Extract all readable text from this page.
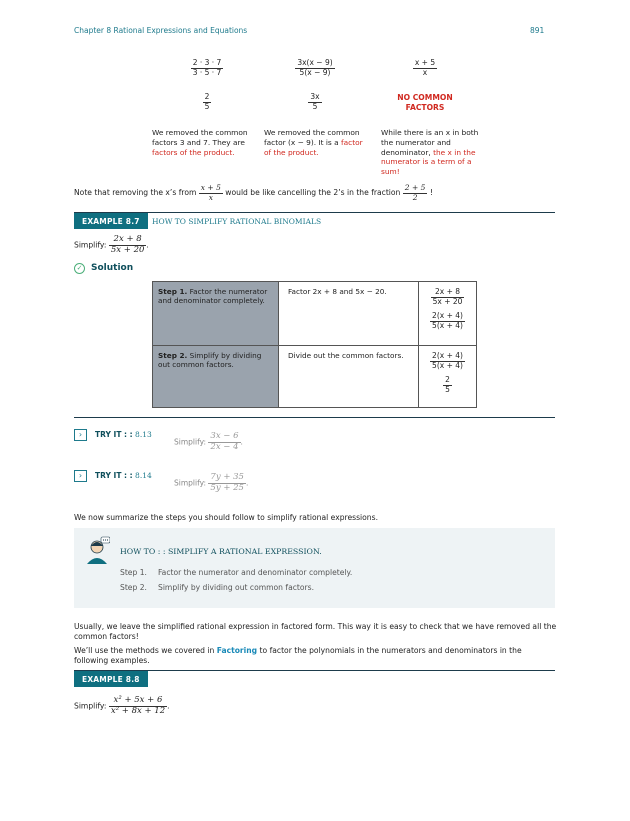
Chapter 8 Rational Expressions and Equations	891
$\frac{2 \cdot 3 \cdot 7}{3 \cdot 5 \cdot 7}$	$\frac{3x(x - 9)}{5(x - 9)}$	$\frac{x + 5}{x}$
$\frac{2}{5}$	$\frac{3x}{5}$	NO COMMON FACTORS
We removed the common factors 3 and 7. They are factors of the product.
We removed the common factor (x − 9). It is a factor of the product.
While there is an x in both the numerator and denominator, the x in the numerator is a term of a sum!
Note that removing the x’s from $\frac{x + 5}{x}$ would be like cancelling the 2’s in the fraction $\frac{2 + 5}{2}$ !
EXAMPLE 8.7	HOW TO SIMPLIFY RATIONAL BINOMIALS
Simplify: $\frac{2x + 8}{5x + 20}$ .
✓ Solution
Step 1. Factor the numerator and denominator completely.	Factor 2x + 8 and 5x − 20.	$\frac{2x + 8}{5x + 20}$

$\frac{2(x + 4)}{5(x + 4)}$

Step 2. Simplify by dividing out common factors.	Divide out the common factors.	$\frac{2(x + 4)}{5(x + 4)}$

$\frac{2}{5}$
› TRY IT : : 8.13
Simplify: $\frac{3x - 6}{2x - 4}$ .
› TRY IT : : 8.14
Simplify: $\frac{7y + 35}{5y + 25}$ .
We now summarize the steps you should follow to simplify rational expressions.
HOW TO : : SIMPLIFY A RATIONAL EXPRESSION.
Step 1. Factor the numerator and denominator completely.
Step 2. Simplify by dividing out common factors.
Usually, we leave the simplified rational expression in factored form. This way it is easy to check that we have removed all the common factors!
We’ll use the methods we covered in Factoring to factor the polynomials in the numerators and denominators in the following examples.
EXAMPLE 8.8
Simplify: $\frac{\text{x² + 5x + 6}}{\text{x² + 8x + 12}}$ .
